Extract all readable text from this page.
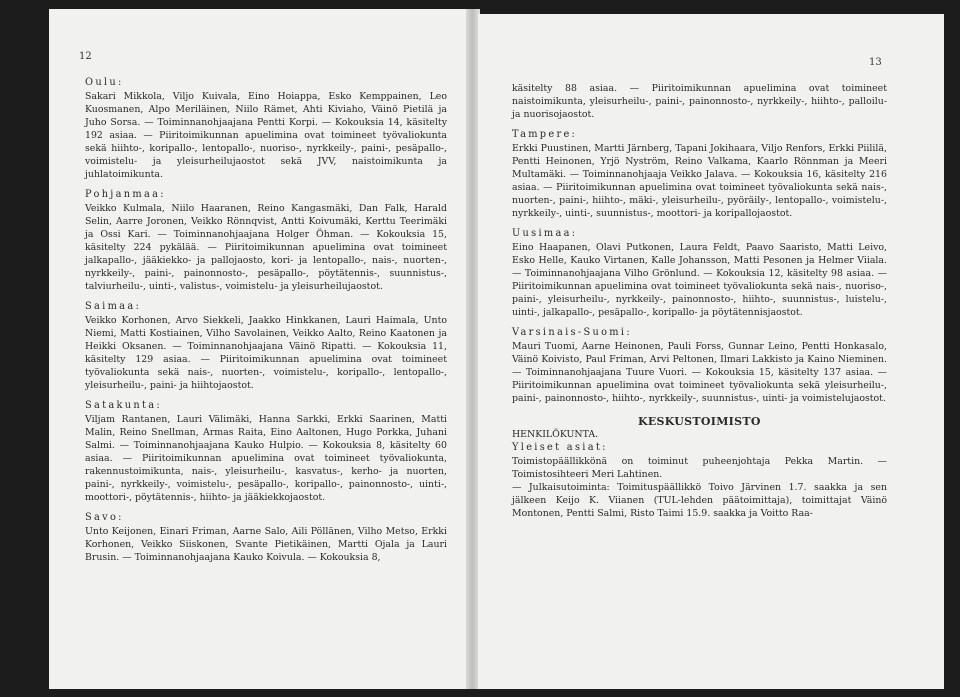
12
Oulu:

Sakari Mikkola, Viljo Kuivala, Eino Hoiappa, Esko Kemppainen, Leo Kuosmanen, Alpo Meriläinen, Niilo Rämet, Ahti Kiviaho, Väinö Pietilä ja Juho Sorsa. — Toiminnanohjaajana Pentti Korpi. — Kokouksia 14, käsitelty 192 asiaa. — Piiritoimikunnan apuelimina ovat toimineet työvaliokunta sekä hiihto-, koripallo-, lentopallo-, nuoriso-, nyrkkeily-, paini-, pesäpallo-, voimistelu- ja yleisurheilujaostot sekä JVV, naistoimikunta ja juhlatoimikunta.

Pohjanmaa:

Veikko Kulmala, Niilo Haaranen, Reino Kangasmäki, Dan Falk, Harald Selin, Aarre Joronen, Veikko Rönnqvist, Antti Koivumäki, Kerttu Teerimäki ja Ossi Kari. — Toiminnanohjaajana Holger Öhman. — Kokouksia 15, käsitelty 224 pykälää. — Piiritoimikunnan apuelimina ovat toimineet jalkapallo-, jääkiekko- ja pallojaosto, kori- ja lentopallo-, nais-, nuorten-, nyrkkeily-, paini-, painonnosto-, pesäpallo-, pöytätennis-, suunnistus-, talviurheilu-, uinti-, valistus-, voimistelu- ja yleisurheilujaostot.

Saimaa:

Veikko Korhonen, Arvo Siekkeli, Jaakko Hinkkanen, Lauri Haimala, Unto Niemi, Matti Kostiainen, Vilho Savolainen, Veikko Aalto, Reino Kaatonen ja Heikki Oksanen. — Toiminnanohjaajana Väinö Ripatti. — Kokouksia 11, käsitelty 129 asiaa. — Piiritoimikunnan apuelimina ovat toimineet työvaliokunta sekä nais-, nuorten-, voimistelu-, koripallo-, lentopallo-, yleisurheilu-, paini- ja hiihtojaostot.

Satakunta:

Viljam Rantanen, Lauri Välimäki, Hanna Sarkki, Erkki Saarinen, Matti Malin, Reino Snellman, Armas Raita, Eino Aaltonen, Hugo Porkka, Juhani Salmi. — Toiminnanohjaajana Kauko Hulpio. — Kokouksia 8, käsitelty 60 asiaa. — Piiritoimikunnan apuelimina ovat toimineet työvaliokunta, rakennustoimikunta, nais-, yleisurheilu-, kasvatus-, kerho- ja nuorten, paini-, nyrkkeily-, voimistelu-, pesäpallo-, koripallo-, painonnosto-, uinti-, moottori-, pöytätennis-, hiihto- ja jääkiekkojaostot.

Savo:

Unto Keijonen, Einari Friman, Aarne Salo, Aili Pöllänen, Vilho Metso, Erkki Korhonen, Veikko Siiskonen, Svante Pietikäinen, Martti Ojala ja Lauri Brusin. — Toiminnanohjaajana Kauko Koivula. — Kokouksia 8,

13

käsitelty 88 asiaa. — Piiritoimikunnan apuelimina ovat toimineet naistoimikunta, yleisurheilu-, paini-, painonnosto-, nyrkkeily-, hiihto-, palloilu- ja nuorisojaostot.

Tampere:

Erkki Puustinen, Martti Järnberg, Tapani Jokihaara, Viljo Renfors, Erkki Piililä, Pentti Heinonen, Yrjö Nyström, Reino Valkama, Kaarlo Rönnman ja Meeri Multamäki. — Toiminnanohjaaja Veikko Jalava. — Kokouksia 16, käsitelty 216 asiaa. — Piiritoimikunnan apuelimina ovat toimineet työvaliokunta sekä nais-, nuorten-, paini-, hiihto-, mäki-, yleisurheilu-, pyöräily-, lentopallo-, voimistelu-, nyrkkeily-, uinti-, suunnistus-, moottori- ja koripallojaostot.

Uusimaa:

Eino Haapanen, Olavi Putkonen, Laura Feldt, Paavo Saaristo, Matti Leivo, Esko Helle, Kauko Virtanen, Kalle Johansson, Matti Pesonen ja Helmer Viiala. — Toiminnanohjaajana Vilho Grönlund. — Kokouksia 12, käsitelty 98 asiaa. — Piiritoimikunnan apuelimina ovat toimineet työvaliokunta sekä nais-, nuoriso-, paini-, yleisurheilu-, nyrkkeily-, painonnosto-, hiihto-, suunnistus-, luistelu-, uinti-, jalkapallo-, pesäpallo-, koripallo- ja pöytätennisjaostot.

Varsinais-Suomi:

Mauri Tuomi, Aarne Heinonen, Pauli Forss, Gunnar Leino, Pentti Honkasalo, Väinö Koivisto, Paul Friman, Arvi Peltonen, Ilmari Lakkisto ja Kaino Nieminen. — Toiminnanohjaajana Tuure Vuori. — Kokouksia 15, käsitelty 137 asiaa. — Piiritoimikunnan apuelimina ovat toimineet työvaliokunta sekä yleisurheilu-, paini-, painonnosto-, hiihto-, nyrkkeily-, suunnistus-, uinti- ja voimistelujaostot.

KESKUSTOIMISTO
HENKILÖKUNTA.
Yleiset asiat:

Toimistopäällikkönä on toiminut puheenjohtaja Pekka Martin. — Toimistosihteeri Meri Lahtinen.

— Julkaisutoiminta: Toimituspäällikkö Toivo Järvinen 1.7. saakka ja sen jälkeen Keijo K. Viianen (TUL-lehden päätoimittaja), toimittajat Väinö Montonen, Pentti Salmi, Risto Taimi 15.9. saakka ja Voitto Raa-
